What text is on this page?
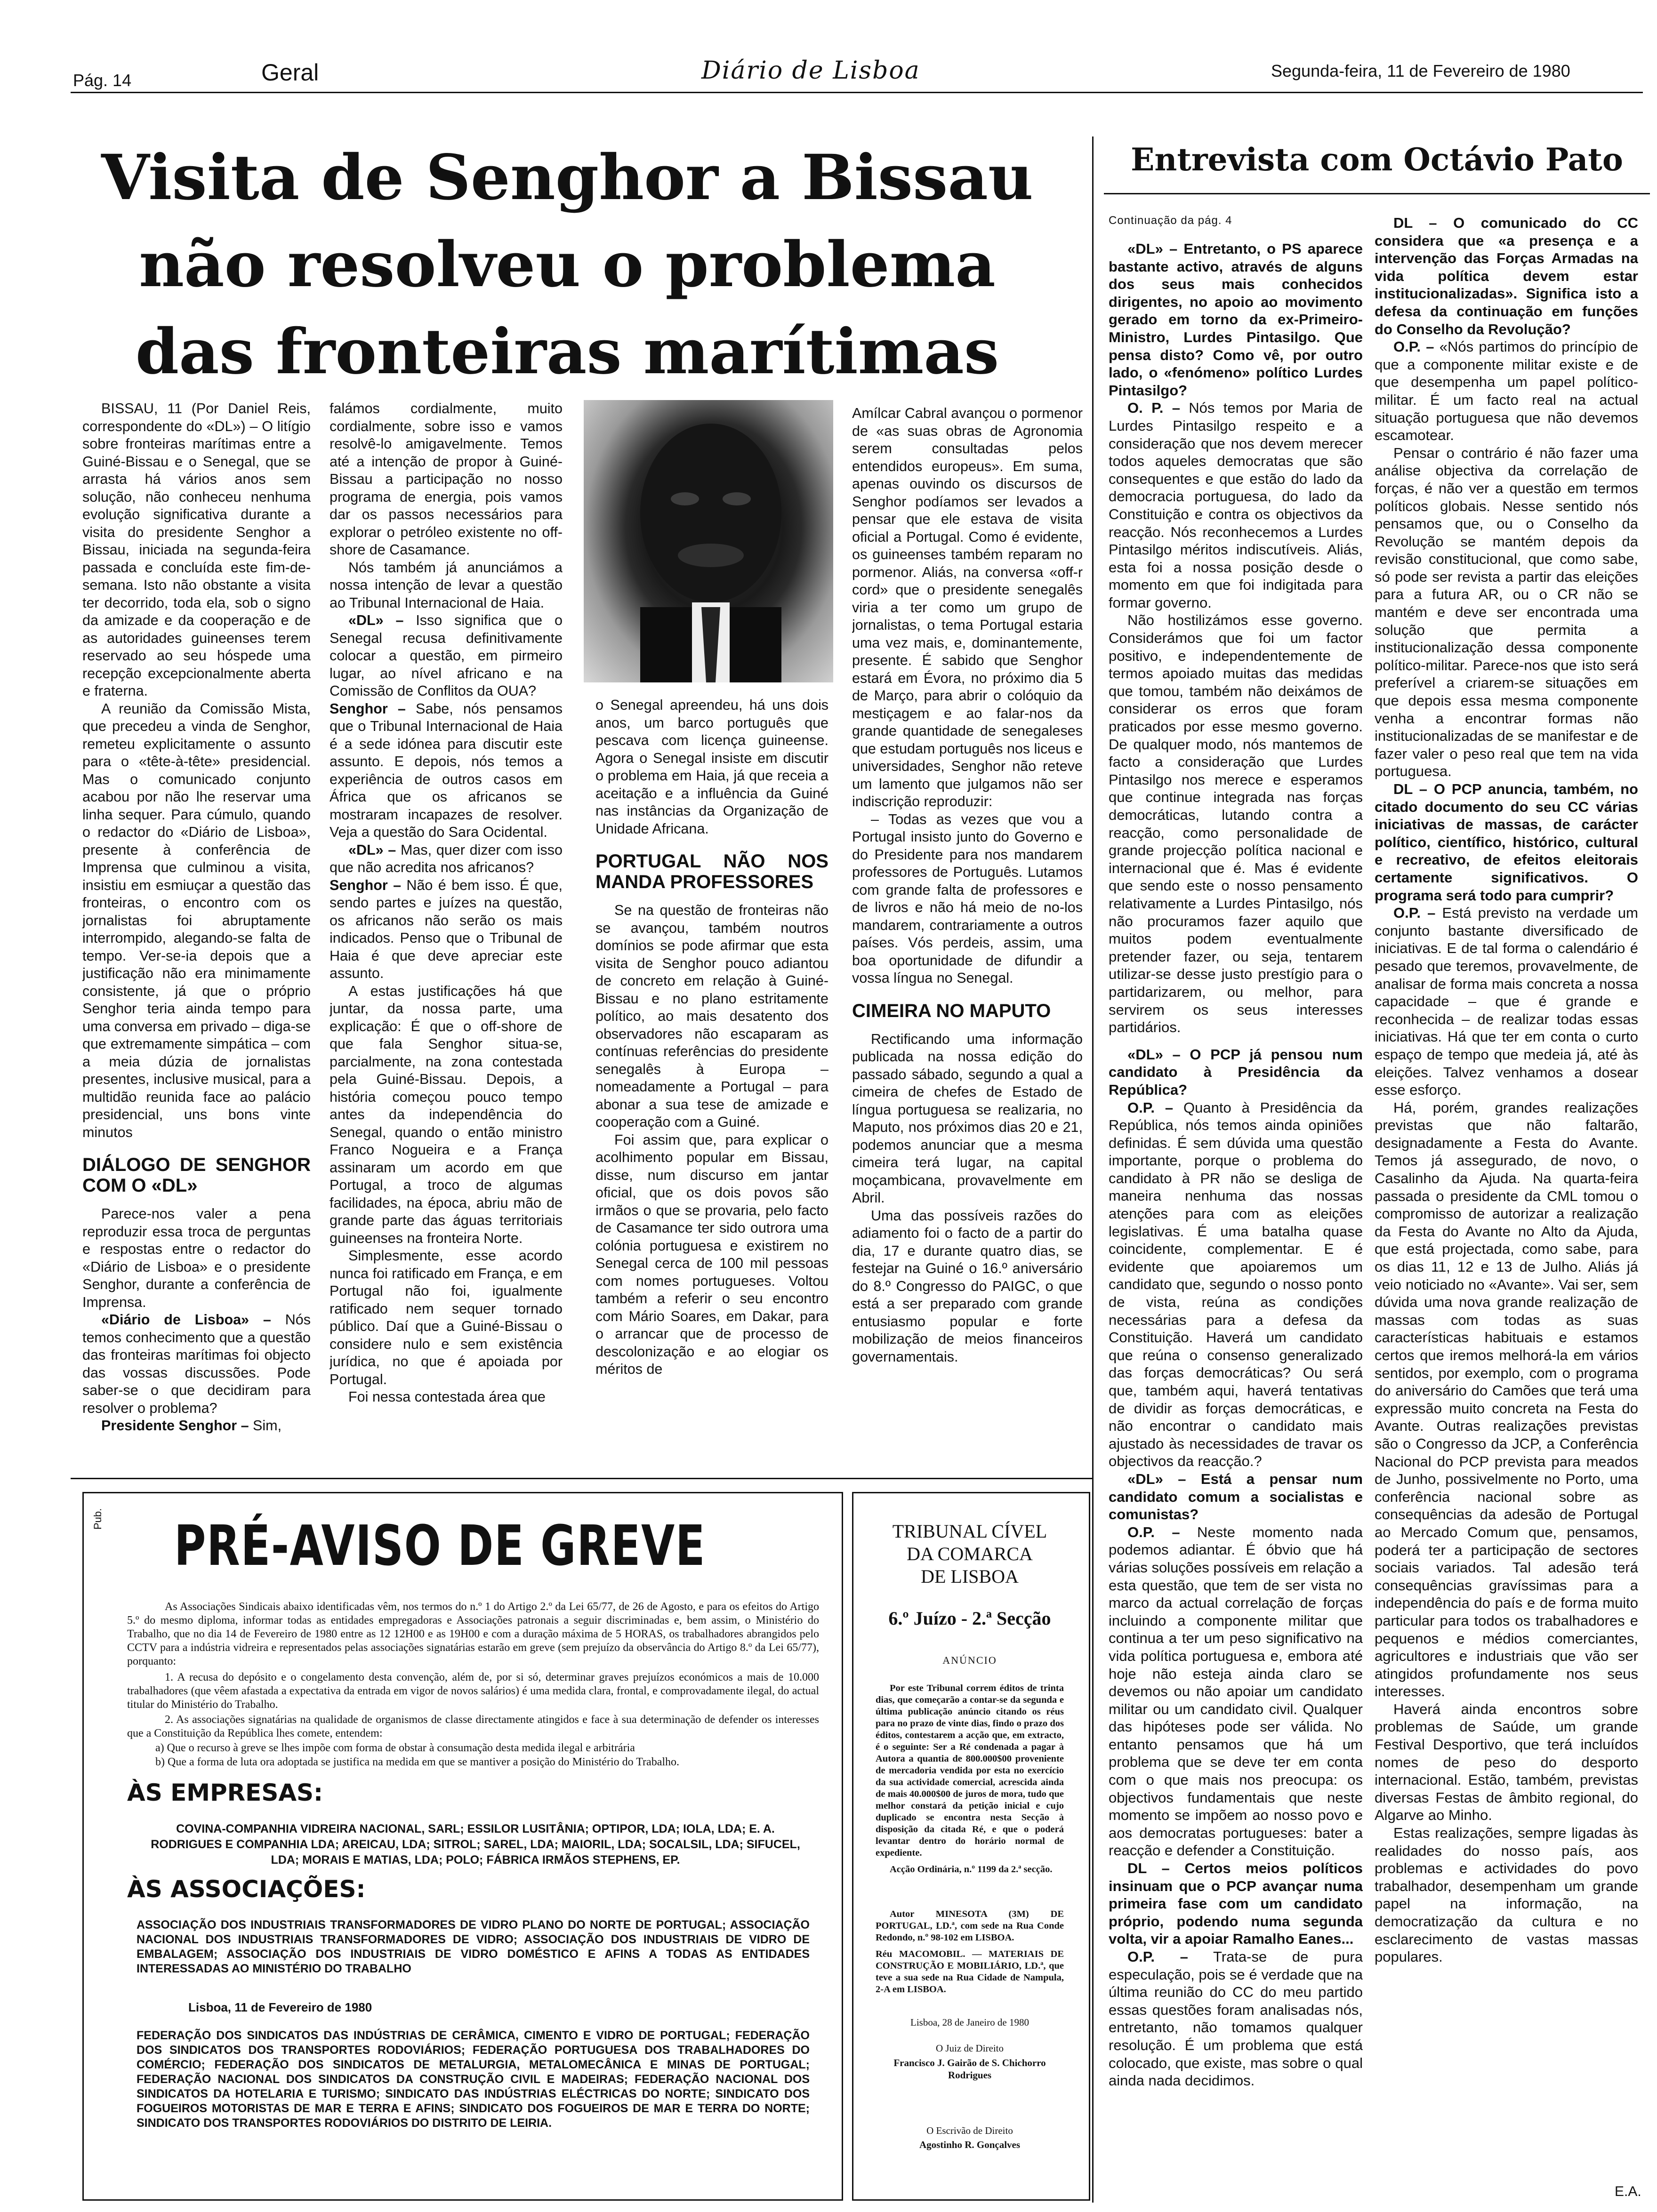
Pág. 14	Geral	Diário de Lisboa	Segunda-feira, 11 de Fevereiro de 1980
Visita de Senghor a Bissau
não resolveu o problema
das fronteiras marítimas

BISSAU, 11 (Por Daniel Reis, correspondente do «DL») – O litígio sobre fronteiras marítimas entre a Guiné-Bissau e o Senegal, que se arrasta há vários anos sem solução, não conheceu nenhuma evolução significativa durante a visita do presidente Senghor a Bissau, iniciada na segunda-feira passada e concluída este fim-de-semana. Isto não obstante a visita ter decorrido, toda ela, sob o signo da amizade e da cooperação e de as autoridades guineenses terem reservado ao seu hóspede uma recepção excepcionalmente aberta e fraterna.

A reunião da Comissão Mista, que precedeu a vinda de Senghor, remeteu explicitamente o assunto para o «tête-à-tête» presidencial. Mas o comunicado conjunto acabou por não lhe reservar uma linha sequer. Para cúmulo, quando o redactor do «Diário de Lisboa», presente à conferência de Imprensa que culminou a visita, insistiu em esmiuçar a questão das fronteiras, o encontro com os jornalistas foi abruptamente interrompido, alegando-se falta de tempo. Ver-se-ia depois que a justificação não era minimamente consistente, já que o próprio Senghor teria ainda tempo para uma conversa em privado – diga-se que extremamente simpática – com a meia dúzia de jornalistas presentes, inclusive musical, para a multidão reunida face ao palácio presidencial, uns bons vinte minutos

DIÁLOGO DE SENGHOR COM O «DL»

Parece-nos valer a pena reproduzir essa troca de perguntas e respostas entre o redactor do «Diário de Lisboa» e o presidente Senghor, durante a conferência de Imprensa.

«Diário de Lisboa» – Nós temos conhecimento que a questão das fronteiras marítimas foi objecto das vossas discussões. Pode saber-se o que decidiram para resolver o problema?

Presidente Senghor – Sim,

falámos cordialmente, muito cordialmente, sobre isso e vamos resolvê-lo amigavelmente. Temos até a intenção de propor à Guiné-Bissau a participação no nosso programa de energia, pois vamos dar os passos necessários para explorar o petróleo existente no off-shore de Casamance.

Nós também já anunciámos a nossa intenção de levar a questão ao Tribunal Internacional de Haia.

«DL» – Isso significa que o Senegal recusa definitivamente colocar a questão, em pirmeiro lugar, ao nível africano e na Comissão de Conflitos da OUA?

Senghor – Sabe, nós pensamos que o Tribunal Internacional de Haia é a sede idónea para discutir este assunto. E depois, nós temos a experiência de outros casos em África que os africanos se mostraram incapazes de resolver. Veja a questão do Sara Ocidental.

«DL» – Mas, quer dizer com isso que não acredita nos africanos?

Senghor – Não é bem isso. É que, sendo partes e juízes na questão, os africanos não serão os mais indicados. Penso que o Tribunal de Haia é que deve apreciar este assunto.

A estas justificações há que juntar, da nossa parte, uma explicação: É que o off-shore de que fala Senghor situa-se, parcialmente, na zona contestada pela Guiné-Bissau. Depois, a história começou pouco tempo antes da independência do Senegal, quando o então ministro Franco Nogueira e a França assinaram um acordo em que Portugal, a troco de algumas facilidades, na época, abriu mão de grande parte das águas territoriais guineenses na fronteira Norte.

Simplesmente, esse acordo nunca foi ratificado em França, e em Portugal não foi, igualmente ratificado nem sequer tornado público. Daí que a Guiné-Bissau o considere nulo e sem existência jurídica, no que é apoiada por Portugal.

Foi nessa contestada área que

o Senegal apreendeu, há uns dois anos, um barco português que pescava com licença guineense. Agora o Senegal insiste em discutir o problema em Haia, já que receia a aceitação e a influência da Guiné nas instâncias da Organização de Unidade Africana.

PORTUGAL NÃO NOS MANDA PROFESSORES

Se na questão de fronteiras não se avançou, também noutros domínios se pode afirmar que esta visita de Senghor pouco adiantou de concreto em relação à Guiné-Bissau e no plano estritamente político, ao mais desatento dos observadores não escaparam as contínuas referências do presidente senegalês à Europa – nomeadamente a Portugal – para abonar a sua tese de amizade e cooperação com a Guiné.

Foi assim que, para explicar o acolhimento popular em Bissau, disse, num discurso em jantar oficial, que os dois povos são irmãos o que se provaria, pelo facto de Casamance ter sido outrora uma colónia portuguesa e existirem no Senegal cerca de 100 mil pessoas com nomes portugueses. Voltou também a referir o seu encontro com Mário Soares, em Dakar, para o arrancar que de processo de descolonização e ao elogiar os méritos de

Amílcar Cabral avançou o pormenor de «as suas obras de Agronomia serem consultadas pelos entendidos europeus». Em suma, apenas ouvindo os discursos de Senghor podíamos ser levados a pensar que ele estava de visita oficial a Portugal. Como é evidente, os guineenses também reparam no pormenor. Aliás, na conversa «off-r cord» que o presidente senegalês viria a ter como um grupo de jornalistas, o tema Portugal estaria uma vez mais, e, dominantemente, presente. É sabido que Senghor estará em Évora, no próximo dia 5 de Março, para abrir o colóquio da mestiçagem e ao falar-nos da grande quantidade de senegaleses que estudam português nos liceus e universidades, Senghor não reteve um lamento que julgamos não ser indiscrição reproduzir:

– Todas as vezes que vou a Portugal insisto junto do Governo e do Presidente para nos mandarem professores de Português. Lutamos com grande falta de professores e de livros e não há meio de no-los mandarem, contrariamente a outros países. Vós perdeis, assim, uma boa oportunidade de difundir a vossa língua no Senegal.

CIMEIRA NO MAPUTO

Rectificando uma informação publicada na nossa edição do passado sábado, segundo a qual a cimeira de chefes de Estado de língua portuguesa se realizaria, no Maputo, nos próximos dias 20 e 21, podemos anunciar que a mesma cimeira terá lugar, na capital moçambicana, provavelmente em Abril.

Uma das possíveis razões do adiamento foi o facto de a partir do dia, 17 e durante quatro dias, se festejar na Guiné o 16.º aniversário do 8.º Congresso do PAIGC, o que está a ser preparado com grande entusiasmo popular e forte mobilização de meios financeiros governamentais.

Entrevista com Octávio Pato
Continuação da pág. 4

«DL» – Entretanto, o PS aparece bastante activo, através de alguns dos seus mais conhecidos dirigentes, no apoio ao movimento gerado em torno da ex-Primeiro-Ministro, Lurdes Pintasilgo. Que pensa disto? Como vê, por outro lado, o «fenómeno» político Lurdes Pintasilgo?

O. P. – Nós temos por Maria de Lurdes Pintasilgo respeito e a consideração que nos devem merecer todos aqueles democratas que são consequentes e que estão do lado da democracia portuguesa, do lado da Constituição e contra os objectivos da reacção. Nós reconhecemos a Lurdes Pintasilgo méritos indiscutíveis. Aliás, esta foi a nossa posição desde o momento em que foi indigitada para formar governo.

Não hostilizámos esse governo. Considerámos que foi um factor positivo, e independentemente de termos apoiado muitas das medidas que tomou, também não deixámos de considerar os erros que foram praticados por esse mesmo governo. De qualquer modo, nós mantemos de facto a consideração que Lurdes Pintasilgo nos merece e esperamos que continue integrada nas forças democráticas, lutando contra a reacção, como personalidade de grande projecção política nacional e internacional que é. Mas é evidente que sendo este o nosso pensamento relativamente a Lurdes Pintasilgo, nós não procuramos fazer aquilo que muitos podem eventualmente pretender fazer, ou seja, tentarem utilizar-se desse justo prestígio para o partidarizarem, ou melhor, para servirem os seus interesses partidários.

«DL» – O PCP já pensou num candidato à Presidência da República?

O.P. – Quanto à Presidência da República, nós temos ainda opiniões definidas. É sem dúvida uma questão importante, porque o problema do candidato à PR não se desliga de maneira nenhuma das nossas atenções para com as eleições legislativas. É uma batalha quase coincidente, complementar. E é evidente que apoiaremos um candidato que, segundo o nosso ponto de vista, reúna as condições necessárias para a defesa da Constituição. Haverá um candidato que reúna o consenso generalizado das forças democráticas? Ou será que, também aqui, haverá tentativas de dividir as forças democráticas, e não encontrar o candidato mais ajustado às necessidades de travar os objectivos da reacção.?

«DL» – Está a pensar num candidato comum a socialistas e comunistas?

O.P. – Neste momento nada podemos adiantar. É óbvio que há várias soluções possíveis em relação a esta questão, que tem de ser vista no marco da actual correlação de forças incluindo a componente militar que continua a ter um peso significativo na vida política portuguesa e, embora até hoje não esteja ainda claro se devemos ou não apoiar um candidato militar ou um candidato civil. Qualquer das hipóteses pode ser válida. No entanto pensamos que há um problema que se deve ter em conta com o que mais nos preocupa: os objectivos fundamentais que neste momento se impõem ao nosso povo e aos democratas portugueses: bater a reacção e defender a Constituição.

DL – Certos meios políticos insinuam que o PCP avançar numa primeira fase com um candidato próprio, podendo numa segunda volta, vir a apoiar Ramalho Eanes...

O.P. – Trata-se de pura especulação, pois se é verdade que na última reunião do CC do meu partido essas questões foram analisadas nós, entretanto, não tomamos qualquer resolução. É um problema que está colocado, que existe, mas sobre o qual ainda nada decidimos.

DL – O comunicado do CC considera que «a presença e a intervenção das Forças Armadas na vida política devem estar institucionalizadas». Significa isto a defesa da continuação em funções do Conselho da Revolução?

O.P. – «Nós partimos do princípio de que a componente militar existe e de que desempenha um papel político-militar. É um facto real na actual situação portuguesa que não devemos escamotear.

Pensar o contrário é não fazer uma análise objectiva da correlação de forças, é não ver a questão em termos políticos globais. Nesse sentido nós pensamos que, ou o Conselho da Revolução se mantém depois da revisão constitucional, que como sabe, só pode ser revista a partir das eleições para a futura AR, ou o CR não se mantém e deve ser encontrada uma solução que permita a institucionalização dessa componente político-militar. Parece-nos que isto será preferível a criarem-se situações em que depois essa mesma componente venha a encontrar formas não institucionalizadas de se manifestar e de fazer valer o peso real que tem na vida portuguesa.

DL – O PCP anuncia, também, no citado documento do seu CC várias iniciativas de massas, de carácter político, científico, histórico, cultural e recreativo, de efeitos eleitorais certamente significativos. O programa será todo para cumprir?

O.P. – Está previsto na verdade um conjunto bastante diversificado de iniciativas. E de tal forma o calendário é pesado que teremos, provavelmente, de analisar de forma mais concreta a nossa capacidade – que é grande e reconhecida – de realizar todas essas iniciativas. Há que ter em conta o curto espaço de tempo que medeia já, até às eleições. Talvez venhamos a dosear esse esforço.

Há, porém, grandes realizações previstas que não faltarão, designadamente a Festa do Avante. Temos já assegurado, de novo, o Casalinho da Ajuda. Na quarta-feira passada o presidente da CML tomou o compromisso de autorizar a realização da Festa do Avante no Alto da Ajuda, que está projectada, como sabe, para os dias 11, 12 e 13 de Julho. Aliás já veio noticiado no «Avante». Vai ser, sem dúvida uma nova grande realização de massas com todas as suas características habituais e estamos certos que iremos melhorá-la em vários sentidos, por exemplo, com o programa do aniversário do Camões que terá uma expressão muito concreta na Festa do Avante. Outras realizações previstas são o Congresso da JCP, a Conferência Nacional do PCP prevista para meados de Junho, possivelmente no Porto, uma conferência nacional sobre as consequências da adesão de Portugal ao Mercado Comum que, pensamos, poderá ter a participação de sectores sociais variados. Tal adesão terá consequências gravíssimas para a independência do país e de forma muito particular para todos os trabalhadores e pequenos e médios comerciantes, agricultores e industriais que vão ser atingidos profundamente nos seus interesses.

Haverá ainda encontros sobre problemas de Saúde, um grande Festival Desportivo, que terá incluídos nomes de peso do desporto internacional. Estão, também, previstas diversas Festas de âmbito regional, do Algarve ao Minho.

Estas realizações, sempre ligadas às realidades do nosso país, aos problemas e actividades do povo trabalhador, desempenham um grande papel na informação, na democratização da cultura e no esclarecimento de vastas massas populares.

E.A.
Pub. PRÉ-AVISO DE GREVE
As Associações Sindicais abaixo identificadas vêm, nos termos do n.º 1 do Artigo 2.º da Lei 65/77, de 26 de Agosto, e para os efeitos do Artigo 5.º do mesmo diploma, informar todas as entidades empregadoras e Associações patronais a seguir discriminadas e, bem assim, o Ministério do Trabalho, que no dia 14 de Fevereiro de 1980 entre as 12 12H00 e as 19H00 e com a duração máxima de 5 HORAS, os trabalhadores abrangidos pelo CCTV para a indústria vidreira e representados pelas associações signatárias estarão em greve (sem prejuízo da observância do Artigo 8.º da Lei 65/77), porquanto:
1. A recusa do depósito e o congelamento desta convenção, além de, por si só, determinar graves prejuízos económicos a mais de 10.000 trabalhadores (que vêem afastada a expectativa da entrada em vigor de novos salários) é uma medida clara, frontal, e comprovadamente ilegal, do actual titular do Ministério do Trabalho.
2. As associações signatárias na qualidade de organismos de classe directamente atingidos e face à sua determinação de defender os interesses que a Constituição da República lhes comete, entendem:
a) Que o recurso à greve se lhes impõe com forma de obstar à consumação desta medida ilegal e arbitrária
b) Que a forma de luta ora adoptada se justifica na medida em que se mantiver a posição do Ministério do Trabalho.
ÀS EMPRESAS:
COVINA-COMPANHIA VIDREIRA NACIONAL, SARL; ESSILOR LUSITÂNIA; OPTIPOR, LDA; IOLA, LDA; E. A. RODRIGUES E COMPANHIA LDA; AREICAU, LDA; SITROL; SAREL, LDA; MAIORIL, LDA; SOCALSIL, LDA; SIFUCEL, LDA; MORAIS E MATIAS, LDA; POLO; FÁBRICA IRMÃOS STEPHENS, EP.
ÀS ASSOCIAÇÕES:
ASSOCIAÇÃO DOS INDUSTRIAIS TRANSFORMADORES DE VIDRO PLANO DO NORTE DE PORTUGAL; ASSOCIAÇÃO NACIONAL DOS INDUSTRIAIS TRANSFORMADORES DE VIDRO; ASSOCIAÇÃO DOS INDUSTRIAIS DE VIDRO DE EMBALAGEM; ASSOCIAÇÃO DOS INDUSTRIAIS DE VIDRO DOMÉSTICO E AFINS A TODAS AS ENTIDADES INTERESSADAS AO MINISTÉRIO DO TRABALHO
Lisboa, 11 de Fevereiro de 1980
FEDERAÇÃO DOS SINDICATOS DAS INDÚSTRIAS DE CERÂMICA, CIMENTO E VIDRO DE PORTUGAL; FEDERAÇÃO DOS SINDICATOS DOS TRANSPORTES RODOVIÁRIOS; FEDERAÇÃO PORTUGUESA DOS TRABALHADORES DO COMÉRCIO; FEDERAÇÃO DOS SINDICATOS DE METALURGIA, METALOMECÂNICA E MINAS DE PORTUGAL; FEDERAÇÃO NACIONAL DOS SINDICATOS DA CONSTRUÇÃO CIVIL E MADEIRAS; FEDERAÇÃO NACIONAL DOS SINDICATOS DA HOTELARIA E TURISMO; SINDICATO DAS INDÚSTRIAS ELÉCTRICAS DO NORTE; SINDICATO DOS FOGUEIROS MOTORISTAS DE MAR E TERRA E AFINS; SINDICATO DOS FOGUEIROS DE MAR E TERRA DO NORTE; SINDICATO DOS TRANSPORTES RODOVIÁRIOS DO DISTRITO DE LEIRIA.
TRIBUNAL CÍVEL
DA COMARCA
DE LISBOA
6.º Juízo - 2.ª Secção
ANÚNCIO
Por este Tribunal correm éditos de trinta dias, que começarão a contar-se da segunda e última publicação anúncio citando os réus para no prazo de vinte dias, findo o prazo dos éditos, contestarem a acção que, em extracto, é o seguinte: Ser a Ré condenada a pagar à Autora a quantia de 800.000$00 proveniente de mercadoria vendida por esta no exercício da sua actividade comercial, acrescida ainda de mais 40.000$00 de juros de mora, tudo que melhor constará da petição inicial e cujo duplicado se encontra nesta Secção à disposição da citada Ré, e que o poderá levantar dentro do horário normal de expediente.
Acção Ordinária, n.º 1199 da 2.ª secção.
Autor MINESOTA (3M) DE PORTUGAL, LD.ª, com sede na Rua Conde Redondo, n.º 98-102 em LISBOA.
Réu MACOMOBIL. — MATERIAIS DE CONSTRUÇÃO E MOBILIÁRIO, LD.ª, que teve a sua sede na Rua Cidade de Nampula, 2-A em LISBOA.
Lisboa, 28 de Janeiro de 1980
O Juiz de Direito
Francisco J. Gairão de S. Chichorro Rodrigues
O Escrivão de Direito
Agostinho R. Gonçalves
